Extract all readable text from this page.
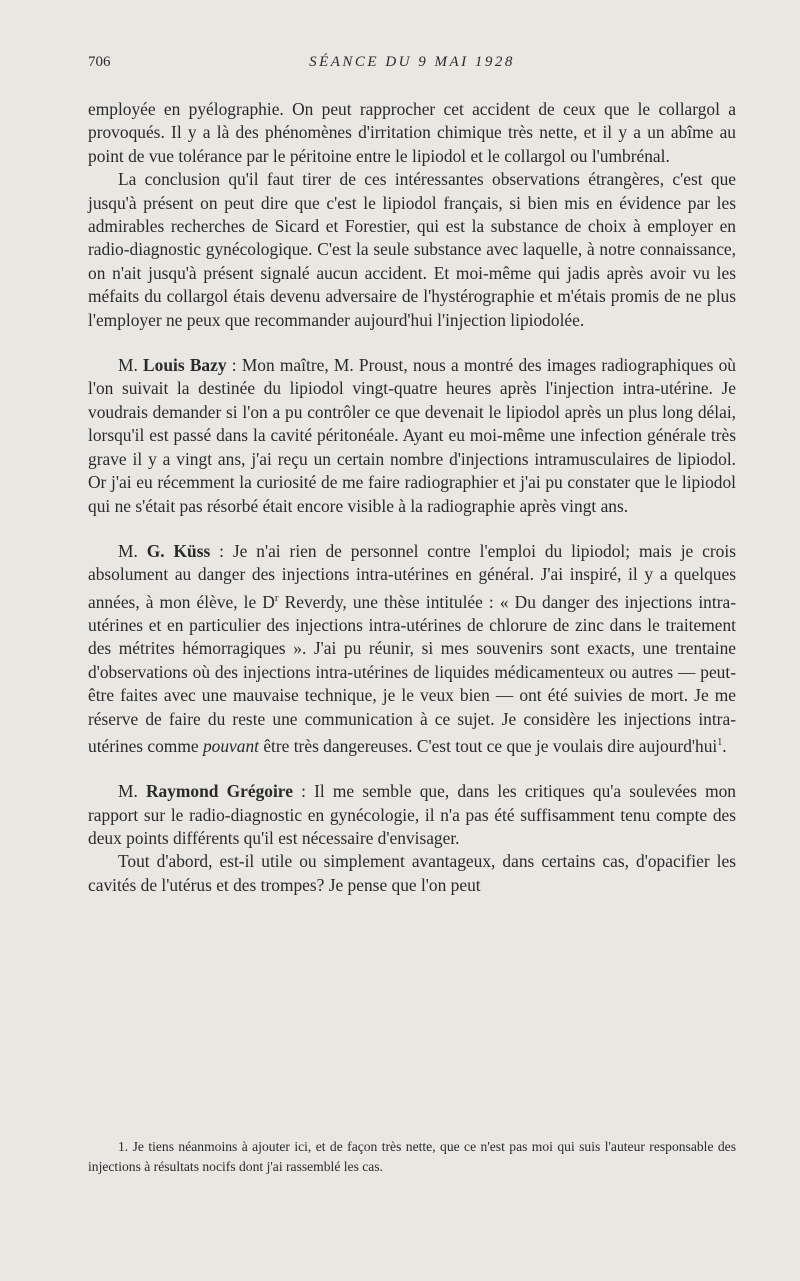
706	SÉANCE DU 9 MAI 1928

employée en pyélographie. On peut rapprocher cet accident de ceux que le collargol a provoqués. Il y a là des phénomènes d'irritation chimique très nette, et il y a un abîme au point de vue tolérance par le péritoine entre le lipiodol et le collargol ou l'umbrénal.

La conclusion qu'il faut tirer de ces intéressantes observations étrangères, c'est que jusqu'à présent on peut dire que c'est le lipiodol français, si bien mis en évidence par les admirables recherches de Sicard et Forestier, qui est la substance de choix à employer en radio-diagnostic gynécologique. C'est la seule substance avec laquelle, à notre connaissance, on n'ait jusqu'à présent signalé aucun accident. Et moi-même qui jadis après avoir vu les méfaits du collargol étais devenu adversaire de l'hystérographie et m'étais promis de ne plus l'employer ne peux que recommander aujourd'hui l'injection lipiodolée.

M. Louis Bazy : Mon maître, M. Proust, nous a montré des images radiographiques où l'on suivait la destinée du lipiodol vingt-quatre heures après l'injection intra-utérine. Je voudrais demander si l'on a pu contrôler ce que devenait le lipiodol après un plus long délai, lorsqu'il est passé dans la cavité péritonéale. Ayant eu moi-même une infection générale très grave il y a vingt ans, j'ai reçu un certain nombre d'injections intramusculaires de lipiodol. Or j'ai eu récemment la curiosité de me faire radiographier et j'ai pu constater que le lipiodol qui ne s'était pas résorbé était encore visible à la radiographie après vingt ans.

M. G. Küss : Je n'ai rien de personnel contre l'emploi du lipiodol; mais je crois absolument au danger des injections intra-utérines en général. J'ai inspiré, il y a quelques années, à mon élève, le $D^r$ Reverdy, une thèse intitulée : « Du danger des injections intra-utérines et en particulier des injections intra-utérines de chlorure de zinc dans le traitement des métrites hémorragiques ». J'ai pu réunir, si mes souvenirs sont exacts, une trentaine d'observations où des injections intra-utérines de liquides médicamenteux ou autres — peut-être faites avec une mauvaise technique, je le veux bien — ont été suivies de mort. Je me réserve de faire du reste une communication à ce sujet. Je considère les injections intra-utérines comme pouvant être très dangereuses. C'est tout ce que je voulais dire aujourd'hui$^1$.

M. Raymond Grégoire : Il me semble que, dans les critiques qu'a soulevées mon rapport sur le radio-diagnostic en gynécologie, il n'a pas été suffisamment tenu compte des deux points différents qu'il est nécessaire d'envisager.

Tout d'abord, est-il utile ou simplement avantageux, dans certains cas, d'opacifier les cavités de l'utérus et des trompes? Je pense que l'on peut

1. Je tiens néanmoins à ajouter ici, et de façon très nette, que ce n'est pas moi qui suis l'auteur responsable des injections à résultats nocifs dont j'ai rassemblé les cas.
